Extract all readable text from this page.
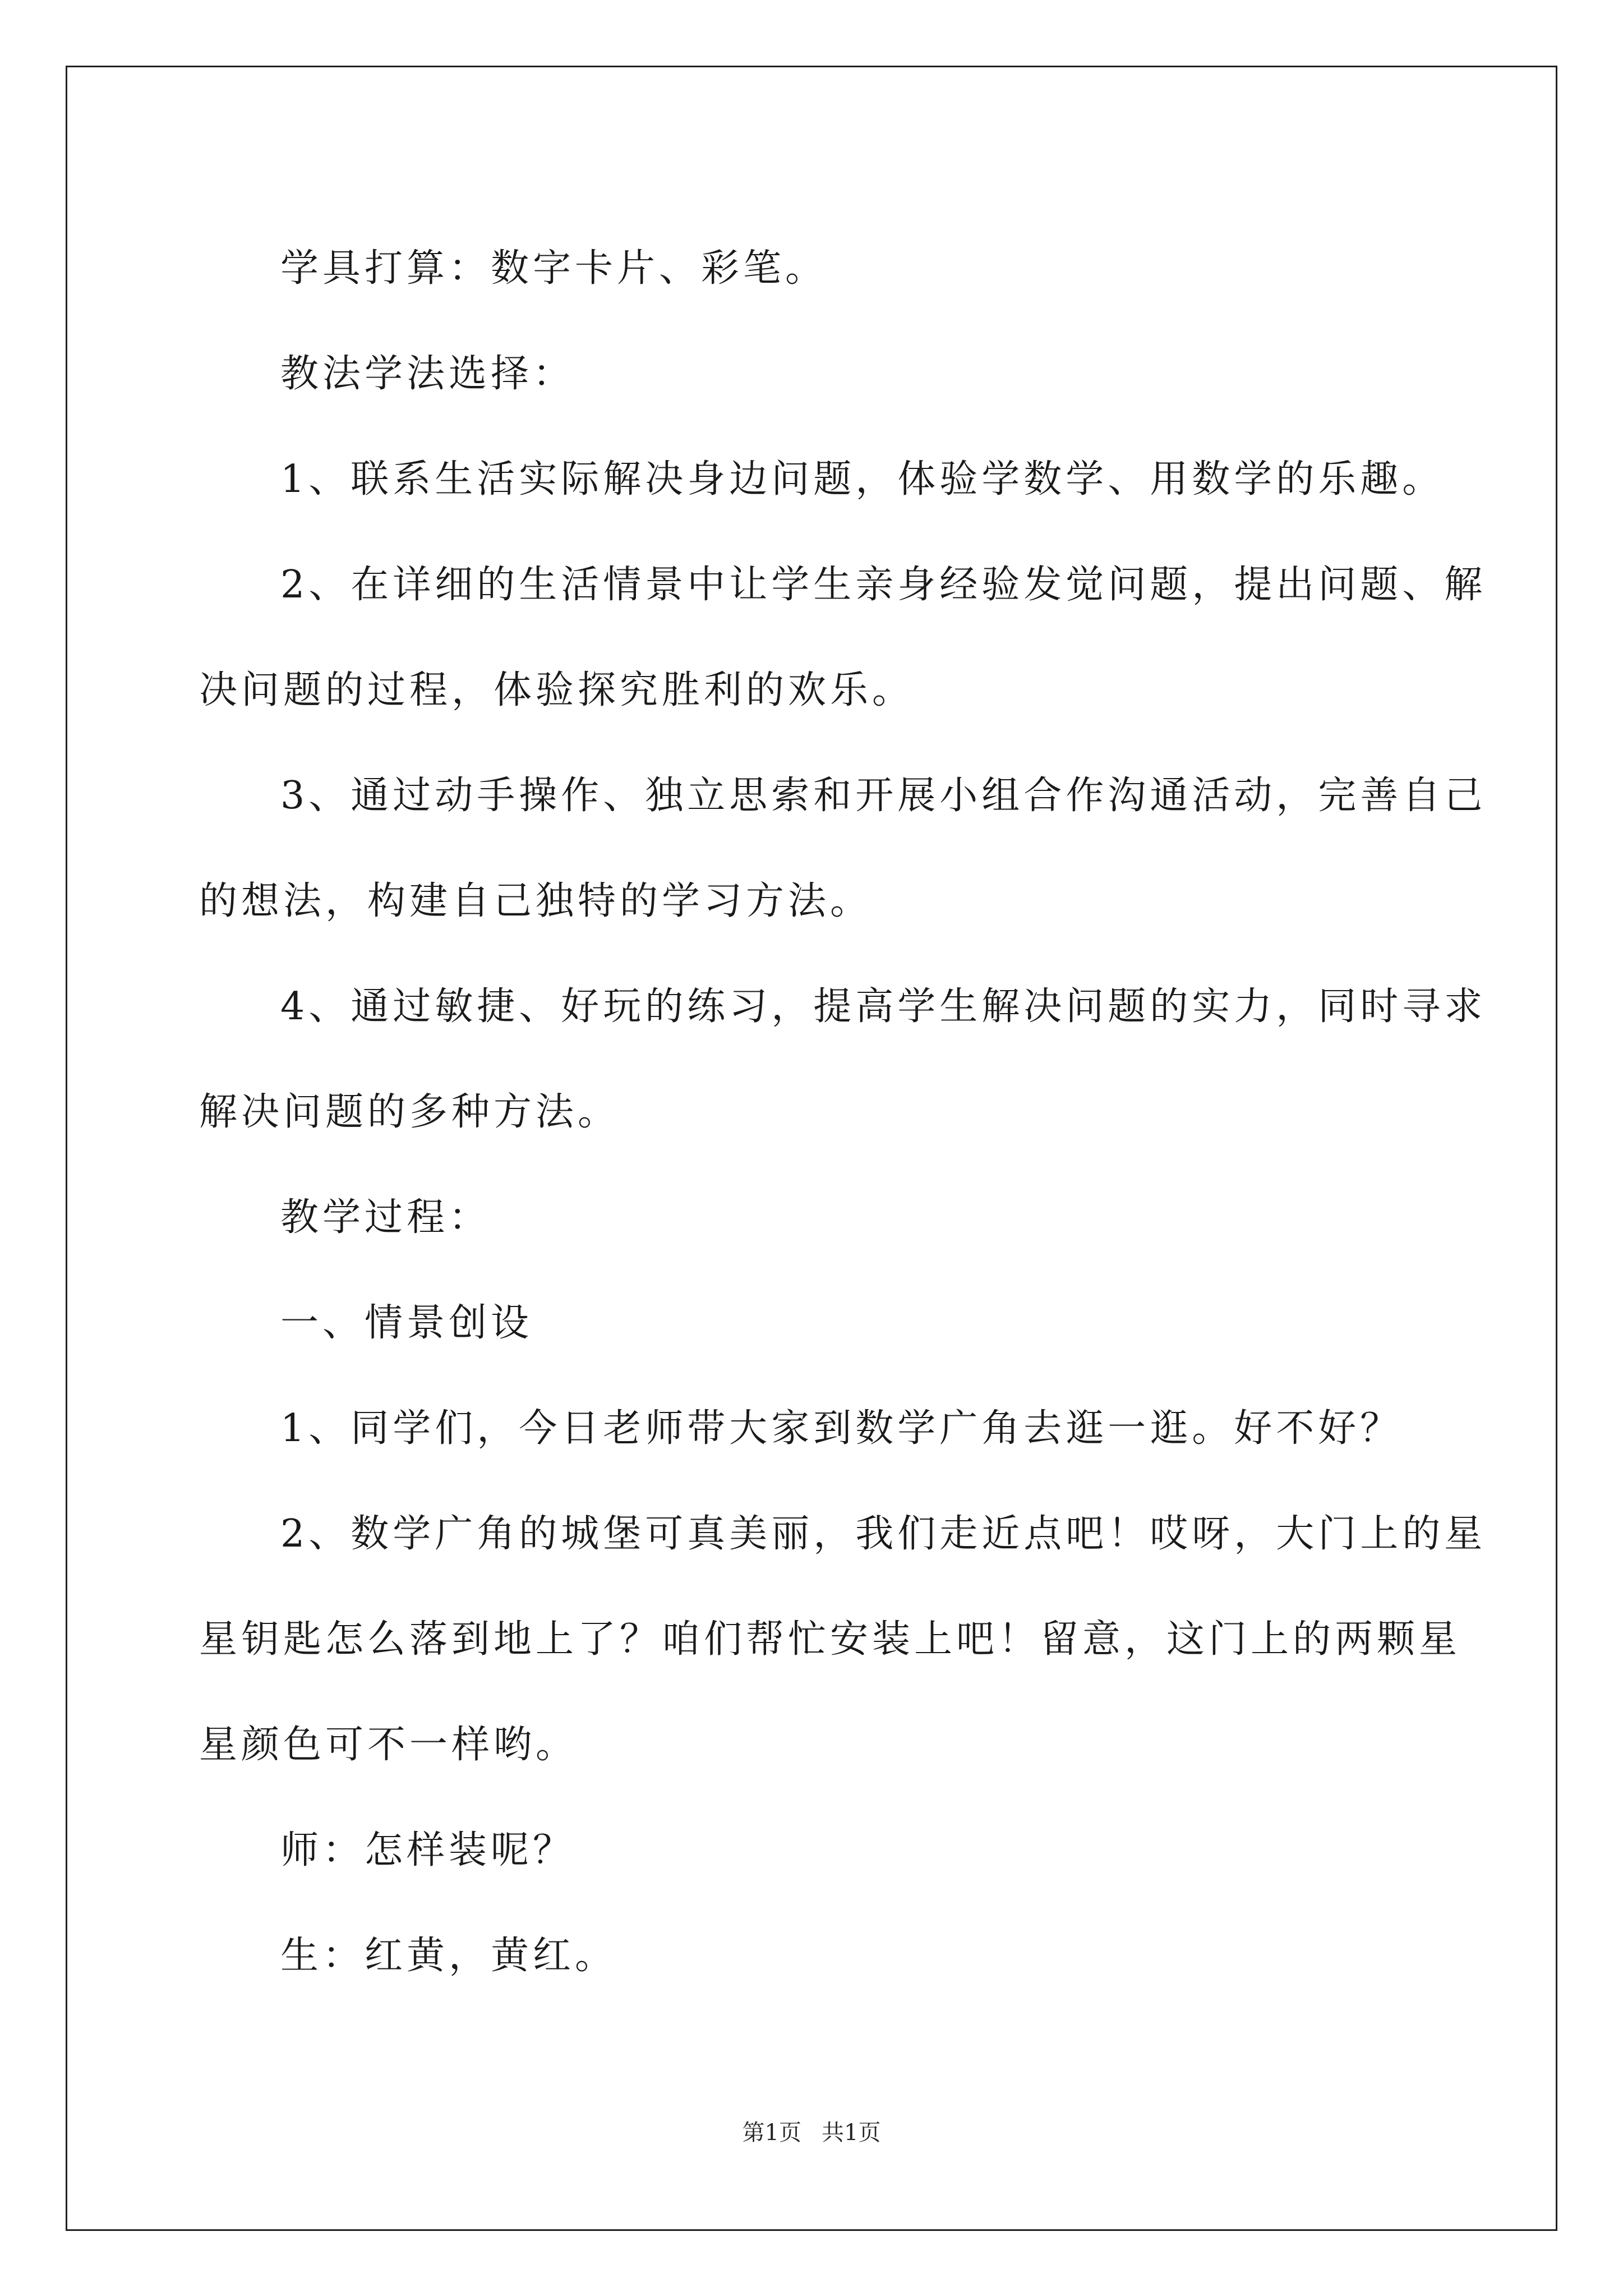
学具打算：数字卡片、彩笔。

教法学法选择：

1、联系生活实际解决身边问题，体验学数学、用数学的乐趣。

2、在详细的生活情景中让学生亲身经验发觉问题，提出问题、解

决问题的过程，体验探究胜利的欢乐。

3、通过动手操作、独立思索和开展小组合作沟通活动，完善自己

的想法，构建自己独特的学习方法。

4、通过敏捷、好玩的练习，提高学生解决问题的实力，同时寻求

解决问题的多种方法。

教学过程：

一、情景创设

1、同学们，今日老师带大家到数学广角去逛一逛。好不好？

2、数学广角的城堡可真美丽，我们走近点吧！哎呀，大门上的星

星钥匙怎么落到地上了？咱们帮忙安装上吧！留意，这门上的两颗星

星颜色可不一样哟。

师：怎样装呢？

生：红黄，黄红。

第1页 共1页
